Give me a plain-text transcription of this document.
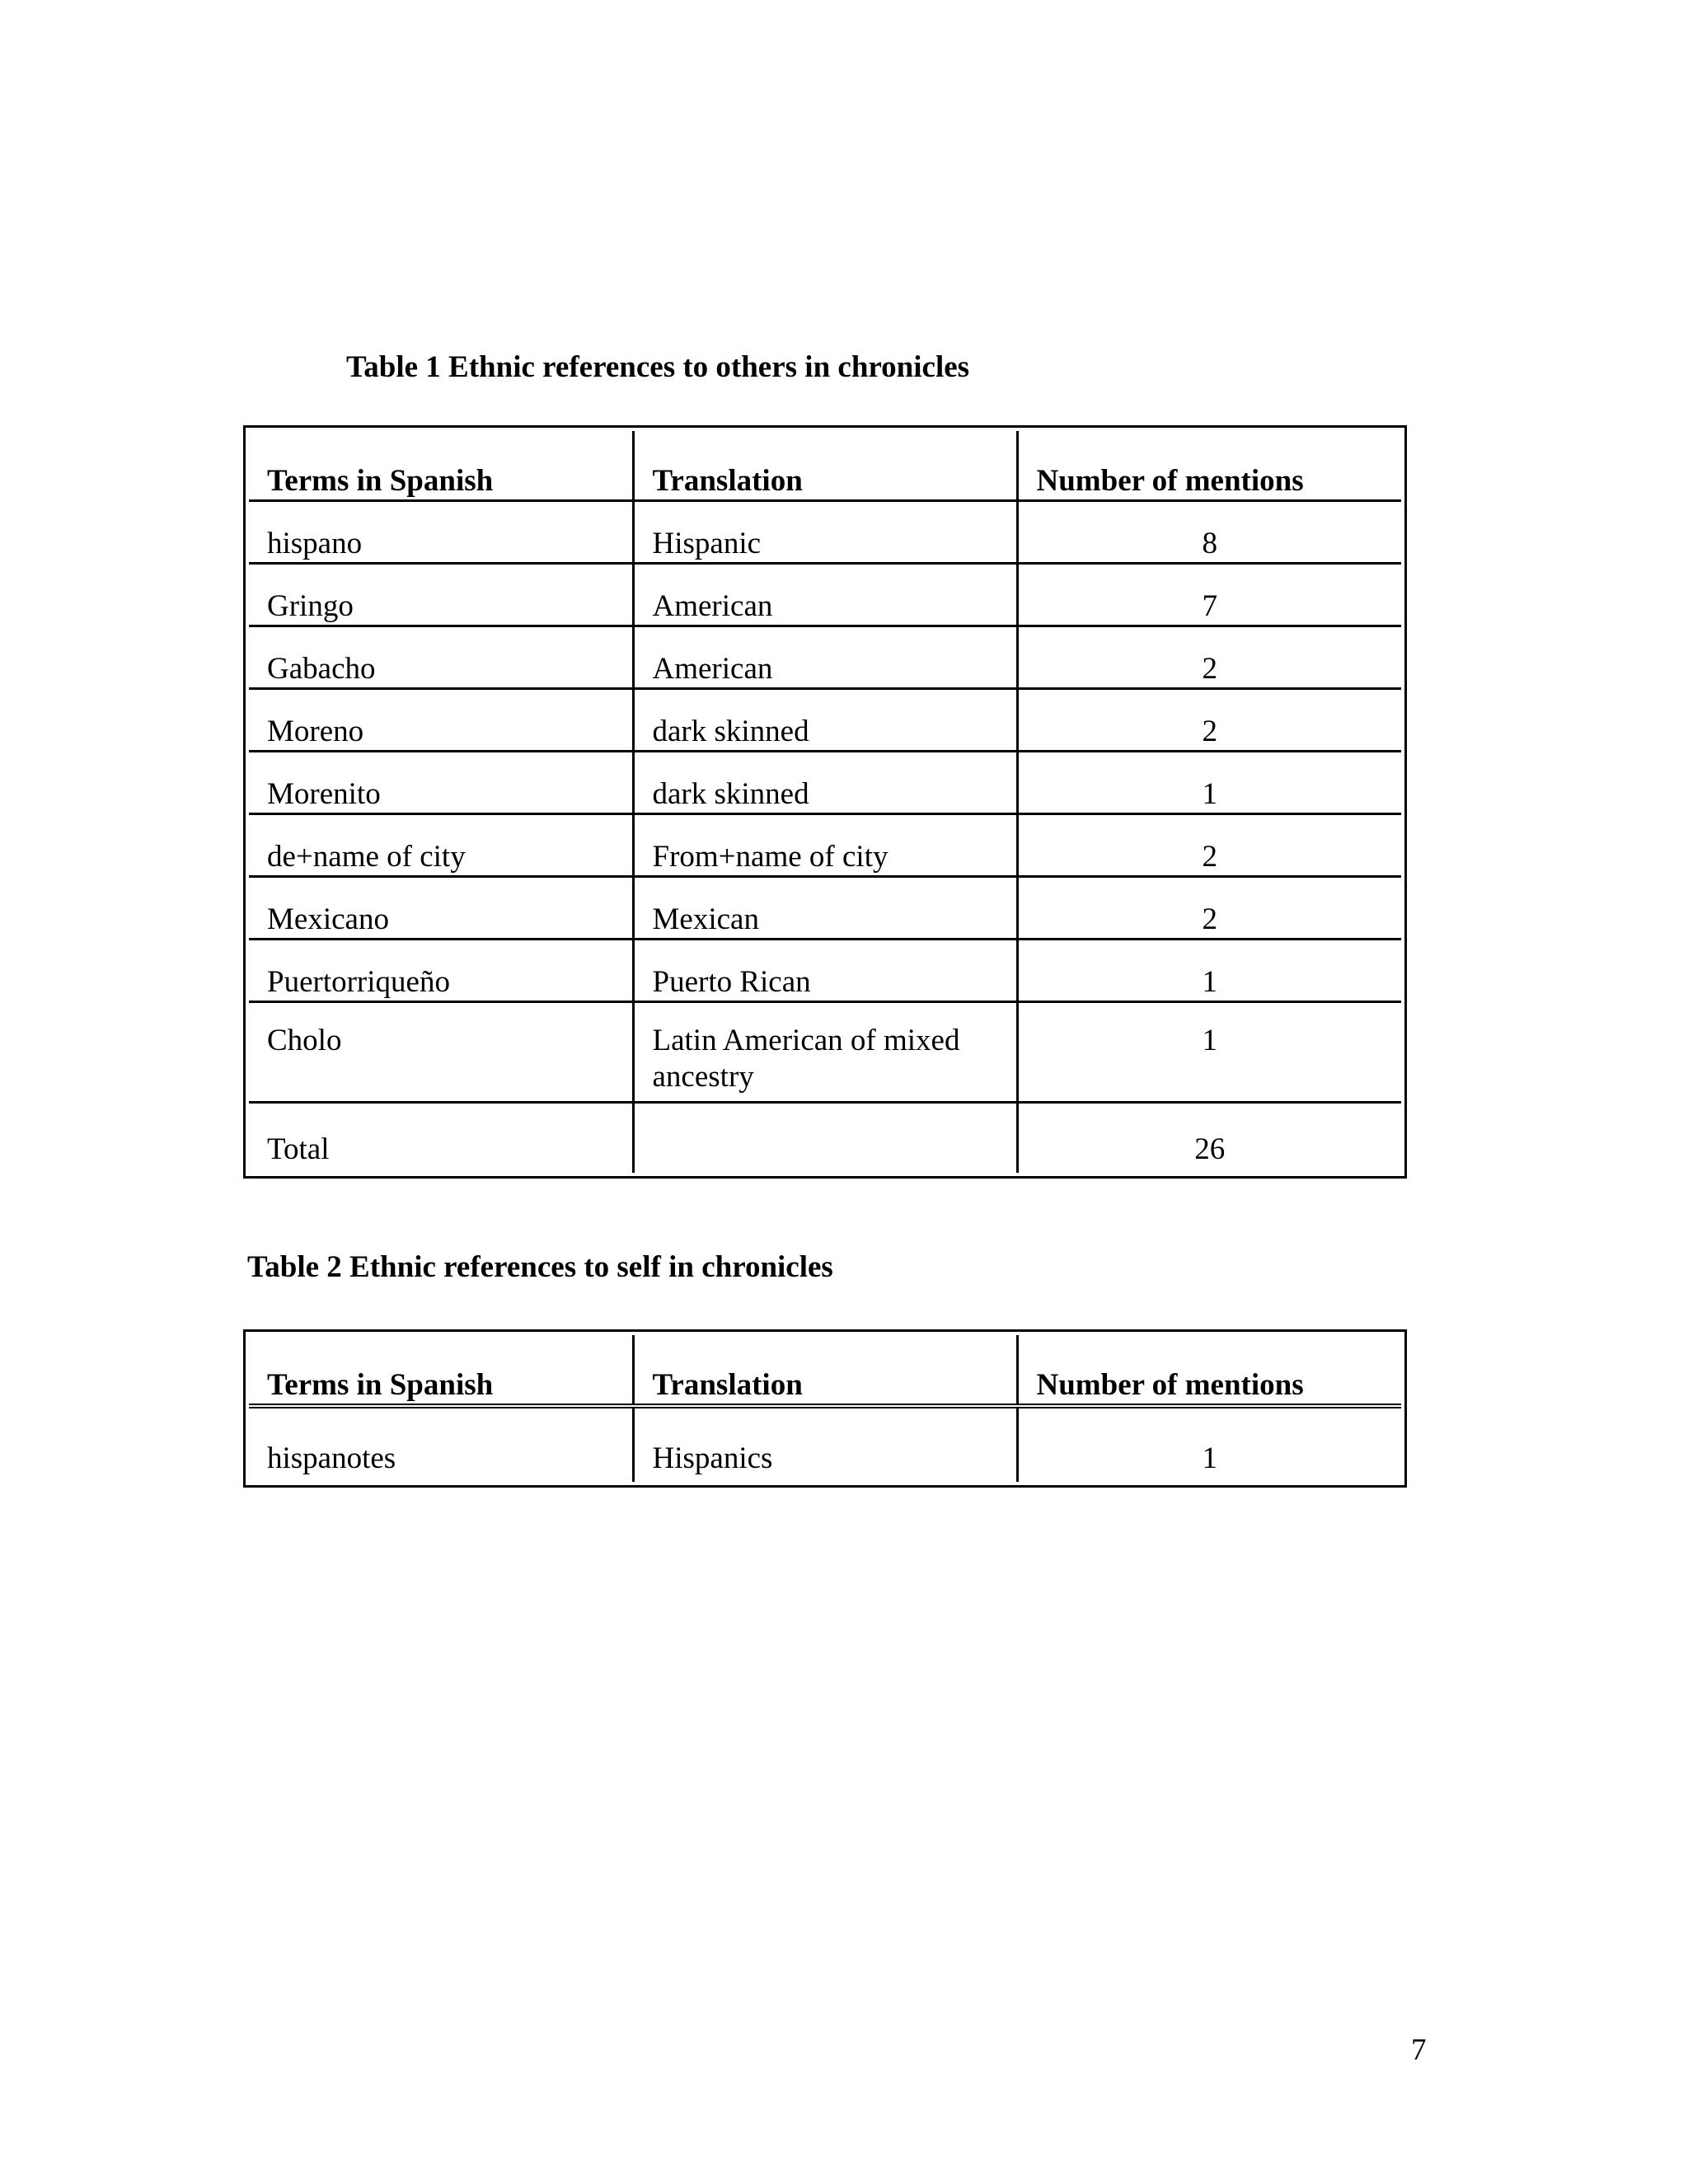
Table 1 Ethnic references to others in chronicles
Terms in Spanish	Translation	Number of mentions
hispano	Hispanic	8
Gringo	American	7
Gabacho	American	2
Moreno	dark skinned	2
Morenito	dark skinned	1
de+name of city	From+name of city	2
Mexicano	Mexican	2
Puertorriqueño	Puerto Rican	1
Cholo	Latin American of mixed ancestry	1
Total		26
Table 2 Ethnic references to self in chronicles
Terms in Spanish	Translation	Number of mentions
hispanotes	Hispanics	1
7
